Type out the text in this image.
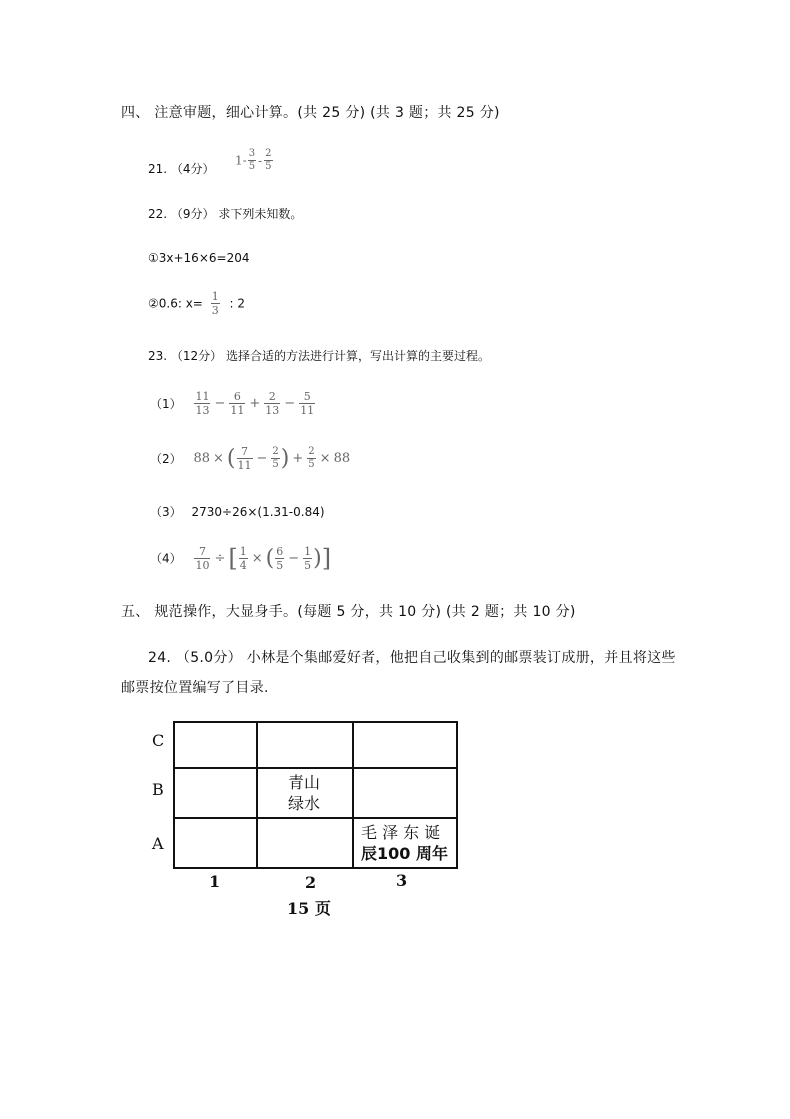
四、 注意审题，细心计算。(共 25 分) (共 3 题；共 25 分)
21. （4分）
$1- \frac{3}{5} - \frac{2}{5}$
22. （9分） 求下列未知数。
①3x+16×6=204
②0.6: $x= \frac{1}{3}$ : 2
23. （12分） 选择合适的方法进行计算，写出计算的主要过程。
$(1) \frac{11}{13} - \frac{6}{11} + \frac{2}{13} - \frac{5}{11}$
（2） 88 × ( $\frac{7}{11} - \frac{2}{5}$ ) + $\frac{2}{5} \times 88$
（3） 2730÷26×(1.31-0.84)
$(4) \frac{7}{10}$ ÷ [ $\frac{1}{4}$ × ( $\frac{6}{5} - \frac{1}{5}$ )]
五、 规范操作，大显身手。(每题 5 分，共 10 分) (共 2 题；共 10 分)
24. （5.0分） 小林是个集邮爱好者，他把自己收集到的邮票装订成册，并且将这些
邮票按位置编写了目录.
C
B
A
1	2	3
青山
绿水
毛 泽 东 诞
辰100 周年
15 页
